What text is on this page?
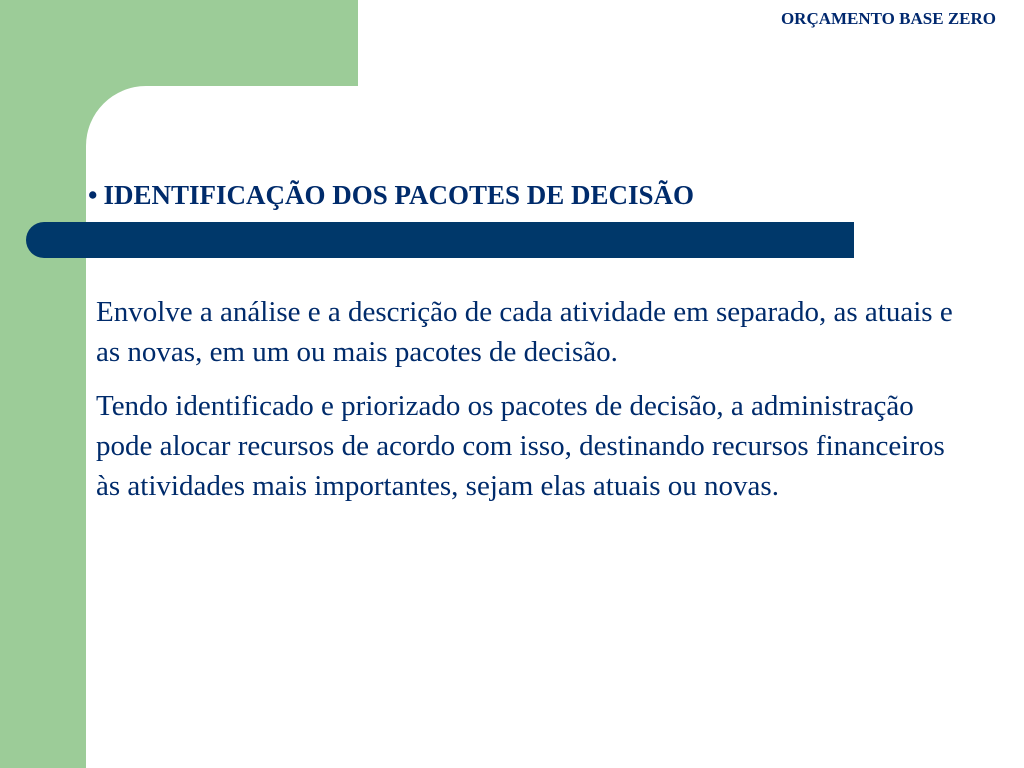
ORÇAMENTO BASE ZERO
• IDENTIFICAÇÃO DOS PACOTES DE DECISÃO

Envolve a análise e a descrição de cada atividade em separado, as atuais e as novas, em um ou mais pacotes de decisão.

Tendo identificado e priorizado os pacotes de decisão, a administração pode alocar recursos de acordo com isso, destinando recursos financeiros às atividades mais importantes, sejam elas atuais ou novas.
